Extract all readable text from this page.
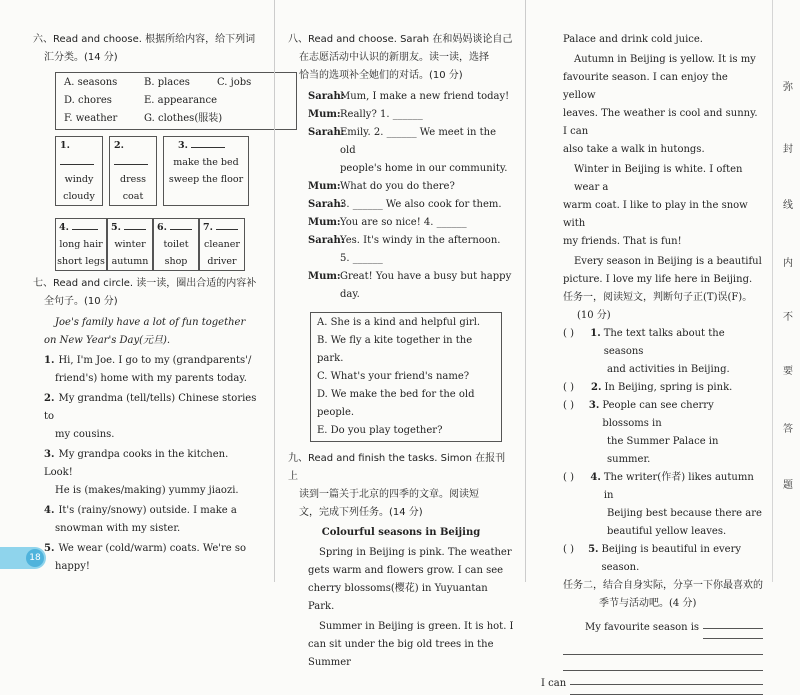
六、Read and choose. 根据所给内容，给下列词
汇分类。(14 分)
A. seasons	B. places	C. jobs
D. chores	E. appearance
F. weather	G. clothes(服装)
1.
windy
cloudy
2.
dress
coat
3.
make the bed
sweep the floor
4.
long hair
short legs
5.
winter
autumn
6.
toilet
shop
7.
cleaner
driver
七、Read and circle. 读一读，圈出合适的内容补
全句子。(10 分)
Joe's family have a lot of fun together
on New Year's Day(元旦).
1. Hi, I'm Joe. I go to my (grandparents'/
friend's) home with my parents today.
2. My grandma (tell/tells) Chinese stories to
my cousins.
3. My grandpa cooks in the kitchen. Look!
He is (makes/making) yummy jiaozi.
4. It's (rainy/snowy) outside. I make a
snowman with my sister.
5. We wear (cold/warm) coats. We're so
happy!
18
八、Read and choose. Sarah 在和妈妈谈论自己
在志愿活动中认识的新朋友。读一读，选择
恰当的选项补全她们的对话。(10 分)
Sarah:
Mum, I make a new friend today!
Mum: Really? 1. ______
Sarah:
Emily. 2. ______ We meet in the old
people's home in our community.
Mum: What do you do there?
Sarah:
3. ______ We also cook for them.
Mum: You are so nice! 4. ______
Sarah:
Yes. It's windy in the afternoon.
5. ______
Mum: Great! You have a busy but happy day.
A. She is a kind and helpful girl.
B. We fly a kite together in the park.
C. What's your friend's name?
D. We make the bed for the old people.
E. Do you play together?
九、Read and finish the tasks. Simon 在报刊上
读到一篇关于北京的四季的文章。阅读短
文，完成下列任务。(14 分)
Colourful seasons in Beijing
Spring in Beijing is pink. The weather
gets warm and flowers grow. I can see
cherry blossoms(樱花) in Yuyuantan Park.
Summer in Beijing is green. It is hot. I
can sit under the big old trees in the Summer
Palace and drink cold juice.
Autumn in Beijing is yellow. It is my
favourite season. I can enjoy the yellow
leaves. The weather is cool and sunny. I can
also take a walk in hutongs.
Winter in Beijing is white. I often wear a
warm coat. I like to play in the snow with
my friends. That is fun!
Every season in Beijing is a beautiful
picture. I love my life here in Beijing.
任务一，阅读短文，判断句子正(T)误(F)。
(10 分)
( )	1. The text talks about the seasons
and activities in Beijing.
( )	2. In Beijing, spring is pink.
( )	3. People can see cherry blossoms in
the Summer Palace in summer.
( )	4. The writer(作者) likes autumn in
Beijing best because there are
beautiful yellow leaves.
( )	5. Beijing is beautiful in every season.
任务二，结合自身实际，分享一下你最喜欢的
季节与活动吧。(4 分)
My favourite season is
I can
弥
封
线
内
不
要
答
题
